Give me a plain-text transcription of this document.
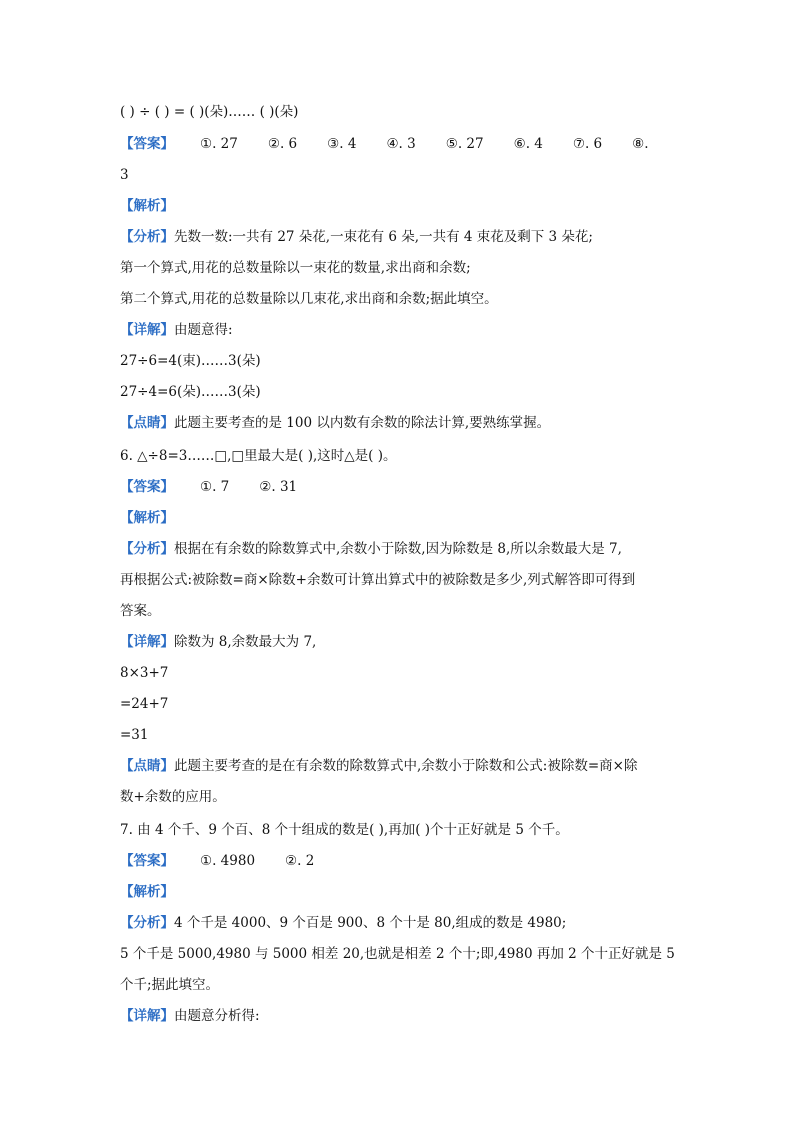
( ) ÷ ( ) = ( )(朵)…… ( )(朵)
【答案】 ①. 27 ②. 6 ③. 4 ④. 3 ⑤. 27 ⑥. 4 ⑦. 6 ⑧.
3
【解析】
【分析】先数一数:一共有 27 朵花,一束花有 6 朵,一共有 4 束花及剩下 3 朵花;
第一个算式,用花的总数量除以一束花的数量,求出商和余数;
第二个算式,用花的总数量除以几束花,求出商和余数;据此填空。
【详解】由题意得:
27÷6=4(束)……3(朵)
27÷4=6(朵)……3(朵)
【点睛】此题主要考查的是 100 以内数有余数的除法计算,要熟练掌握。
6. △÷8=3……□,□里最大是( ),这时△是( )。
【答案】 ①. 7 ②. 31
【解析】
【分析】根据在有余数的除数算式中,余数小于除数,因为除数是 8,所以余数最大是 7,
再根据公式:被除数=商×除数+余数可计算出算式中的被除数是多少,列式解答即可得到
答案。
【详解】除数为 8,余数最大为 7,
8×3+7
=24+7
=31
【点睛】此题主要考查的是在有余数的除数算式中,余数小于除数和公式:被除数=商×除
数+余数的应用。
7. 由 4 个千、9 个百、8 个十组成的数是( ),再加( )个十正好就是 5 个千。
【答案】 ①. 4980 ②. 2
【解析】
【分析】4 个千是 4000、9 个百是 900、8 个十是 80,组成的数是 4980;
5 个千是 5000,4980 与 5000 相差 20,也就是相差 2 个十;即,4980 再加 2 个十正好就是 5
个千;据此填空。
【详解】由题意分析得:
